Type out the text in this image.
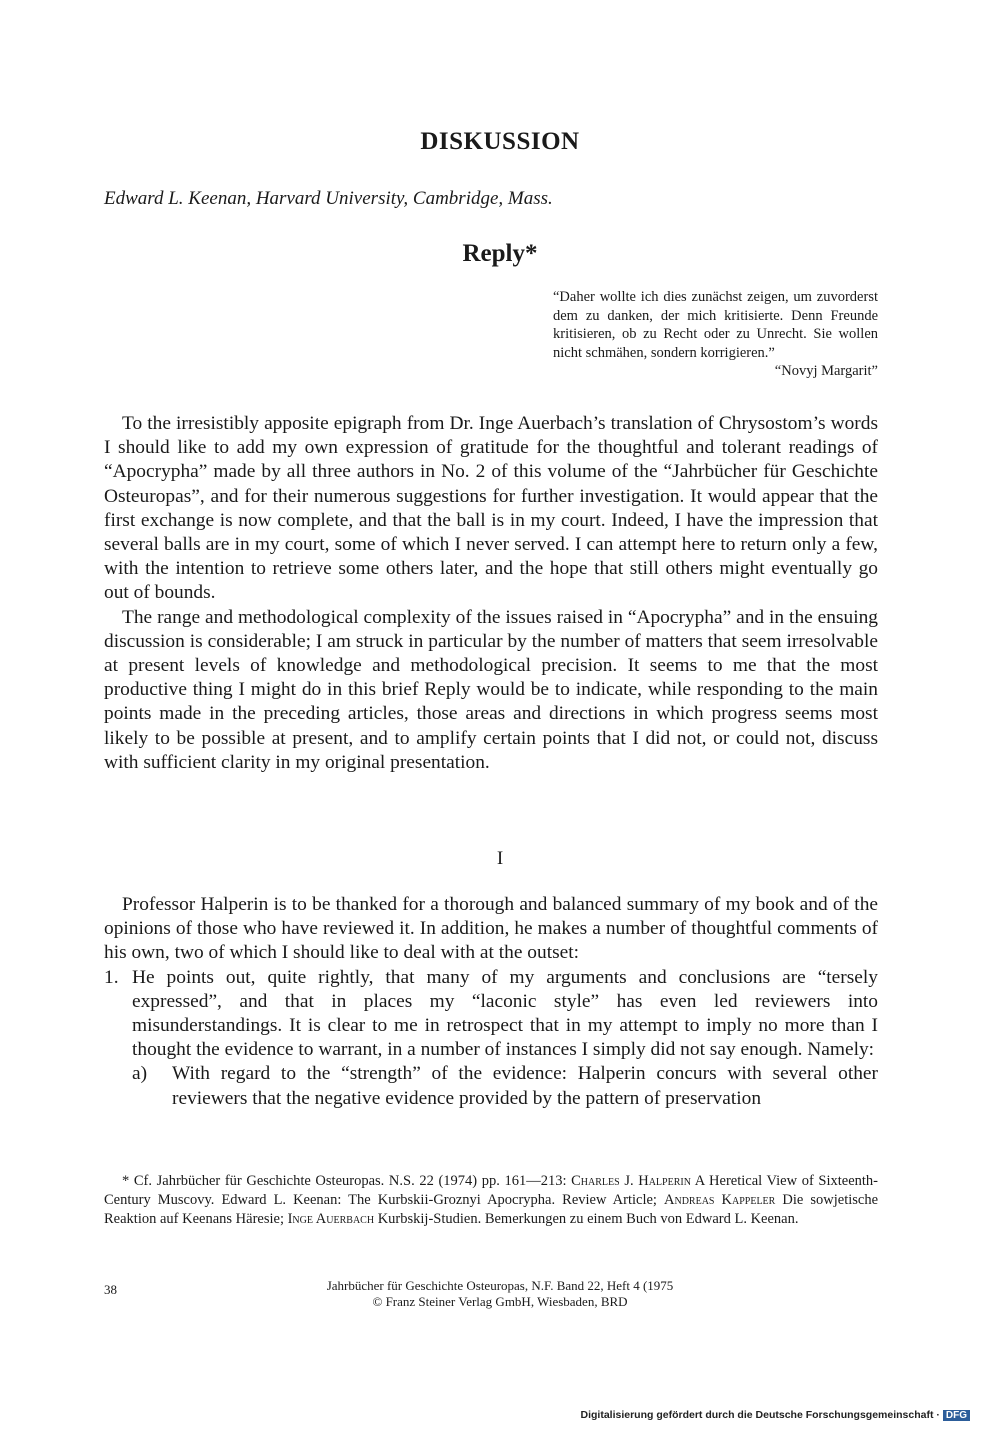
DISKUSSION
Edward L. Keenan, Harvard University, Cambridge, Mass.
Reply*
“Daher wollte ich dies zunächst zeigen, um zuvorderst dem zu danken, der mich kritisierte. Denn Freunde kritisieren, ob zu Recht oder zu Unrecht. Sie wollen nicht schmähen, sondern korrigieren.”
“Novyj Margarit”

To the irresistibly apposite epigraph from Dr. Inge Auerbach’s translation of Chrysostom’s words I should like to add my own expression of gratitude for the thoughtful and tolerant readings of “Apocrypha” made by all three authors in No. 2 of this volume of the “Jahrbücher für Geschichte Osteuropas”, and for their numerous suggestions for further investigation. It would appear that the first exchange is now complete, and that the ball is in my court. Indeed, I have the impression that several balls are in my court, some of which I never served. I can attempt here to return only a few, with the intention to retrieve some others later, and the hope that still others might eventually go out of bounds.

The range and methodological complexity of the issues raised in “Apocrypha” and in the ensuing discussion is considerable; I am struck in particular by the number of matters that seem irresolvable at present levels of knowledge and methodological precision. It seems to me that the most productive thing I might do in this brief Reply would be to indicate, while responding to the main points made in the preceding articles, those areas and directions in which progress seems most likely to be possible at present, and to amplify certain points that I did not, or could not, discuss with sufficient clarity in my original presentation.

I

Professor Halperin is to be thanked for a thorough and balanced summary of my book and of the opinions of those who have reviewed it. In addition, he makes a number of thoughtful comments of his own, two of which I should like to deal with at the outset:

1. He points out, quite rightly, that many of my arguments and conclusions are “tersely expressed”, and that in places my “laconic style” has even led reviewers into misunderstandings. It is clear to me in retrospect that in my attempt to imply no more than I thought the evidence to warrant, in a number of instances I simply did not say enough. Namely:
a) With regard to the “strength” of the evidence: Halperin concurs with several other reviewers that the negative evidence provided by the pattern of preservation

* Cf. Jahrbücher für Geschichte Osteuropas. N.S. 22 (1974) pp. 161—213: Charles J. Halperin A Heretical View of Sixteenth-Century Muscovy. Edward L. Keenan: The Kurbskii-Groznyi Apocrypha. Review Article; Andreas Kappeler Die sowjetische Reaktion auf Keenans Häresie; Inge Auerbach Kurbskij-Studien. Bemerkungen zu einem Buch von Edward L. Keenan.

38	Jahrbücher für Geschichte Osteuropas, N.F. Band 22, Heft 4 (1975
© Franz Steiner Verlag GmbH, Wiesbaden, BRD
Digitalisierung gefördert durch die Deutsche Forschungsgemeinschaft · DFG
